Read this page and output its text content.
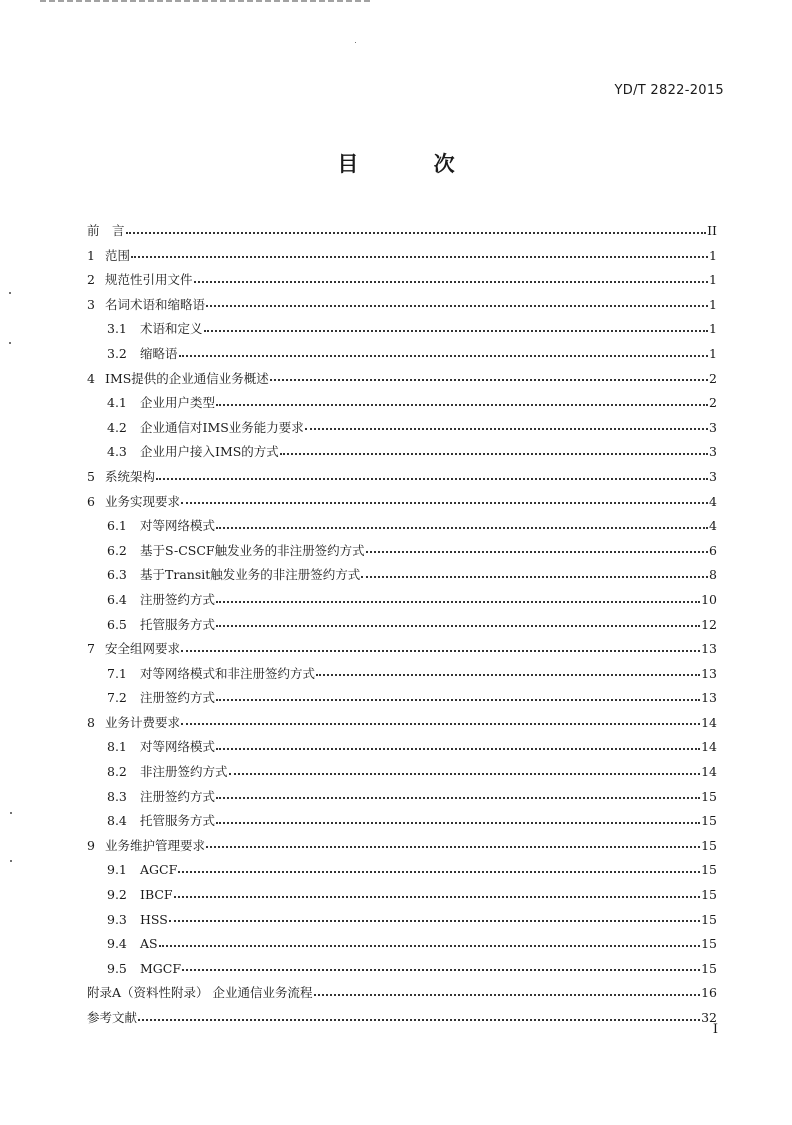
YD/T 2822-2015
目 次
前　言	II
1 范围	1
2 规范性引用文件	1
3 名词术语和缩略语	1
3.1	术语和定义	1
3.2	缩略语	1
4 IMS提供的企业通信业务概述	2
4.1	企业用户类型	2
4.2	企业通信对IMS业务能力要求	3
4.3	企业用户接入IMS的方式	3
5 系统架构	3
6 业务实现要求	4
6.1	对等网络模式	4
6.2	基于S-CSCF触发业务的非注册签约方式	6
6.3	基于Transit触发业务的非注册签约方式	8
6.4	注册签约方式	10
6.5	托管服务方式	12
7 安全组网要求	13
7.1	对等网络模式和非注册签约方式	13
7.2	注册签约方式	13
8 业务计费要求	14
8.1	对等网络模式	14
8.2	非注册签约方式	14
8.3	注册签约方式	15
8.4	托管服务方式	15
9 业务维护管理要求	15
9.1	AGCF	15
9.2	IBCF	15
9.3	HSS	15
9.4	AS	15
9.5	MGCF	15
附录A（资料性附录） 企业通信业务流程	16
参考文献	32
I
